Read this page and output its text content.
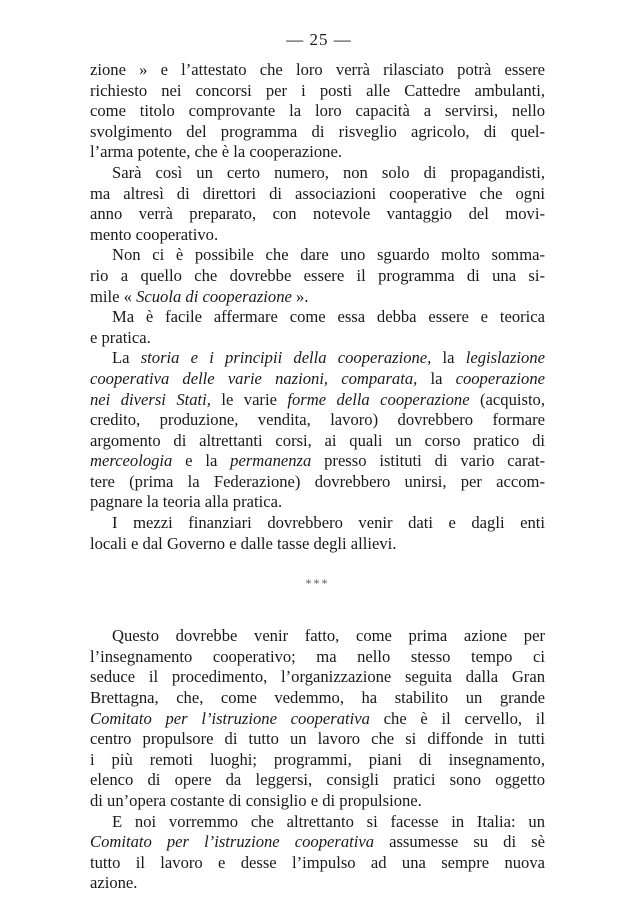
— 25 —
zione » e l’attestato che loro verrà rilasciato potrà essere
richiesto nei concorsi per i posti alle Cattedre ambulanti,
come titolo comprovante la loro capacità a servirsi, nello
svolgimento del programma di risveglio agricolo, di quel-
l’arma potente, che è la cooperazione.
Sarà così un certo numero, non solo di propagandisti,
ma altresì di direttori di associazioni cooperative che ogni
anno verrà preparato, con notevole vantaggio del movi-
mento cooperativo.
Non ci è possibile che dare uno sguardo molto somma-
rio a quello che dovrebbe essere il programma di una si-
mile « Scuola di cooperazione ».
Ma è facile affermare come essa debba essere e teorica
e pratica.
La storia e i principii della cooperazione, la legislazione
cooperativa delle varie nazioni, comparata, la cooperazione
nei diversi Stati, le varie forme della cooperazione (acquisto,
credito, produzione, vendita, lavoro) dovrebbero formare
argomento di altrettanti corsi, ai quali un corso pratico di
merceologia e la permanenza presso istituti di vario carat-
tere (prima la Federazione) dovrebbero unirsi, per accom-
pagnare la teoria alla pratica.
I mezzi finanziari dovrebbero venir dati e dagli enti
locali e dal Governo e dalle tasse degli allievi.
***
Questo dovrebbe venir fatto, come prima azione per
l’insegnamento cooperativo; ma nello stesso tempo ci
seduce il procedimento, l’organizzazione seguita dalla Gran
Brettagna, che, come vedemmo, ha stabilito un grande
Comitato per l’istruzione cooperativa che è il cervello, il
centro propulsore di tutto un lavoro che si diffonde in tutti
i più remoti luoghi; programmi, piani di insegnamento,
elenco di opere da leggersi, consigli pratici sono oggetto
di un’opera costante di consiglio e di propulsione.
E noi vorremmo che altrettanto si facesse in Italia: un
Comitato per l’istruzione cooperativa assumesse su di sè
tutto il lavoro e desse l’impulso ad una sempre nuova
azione.
